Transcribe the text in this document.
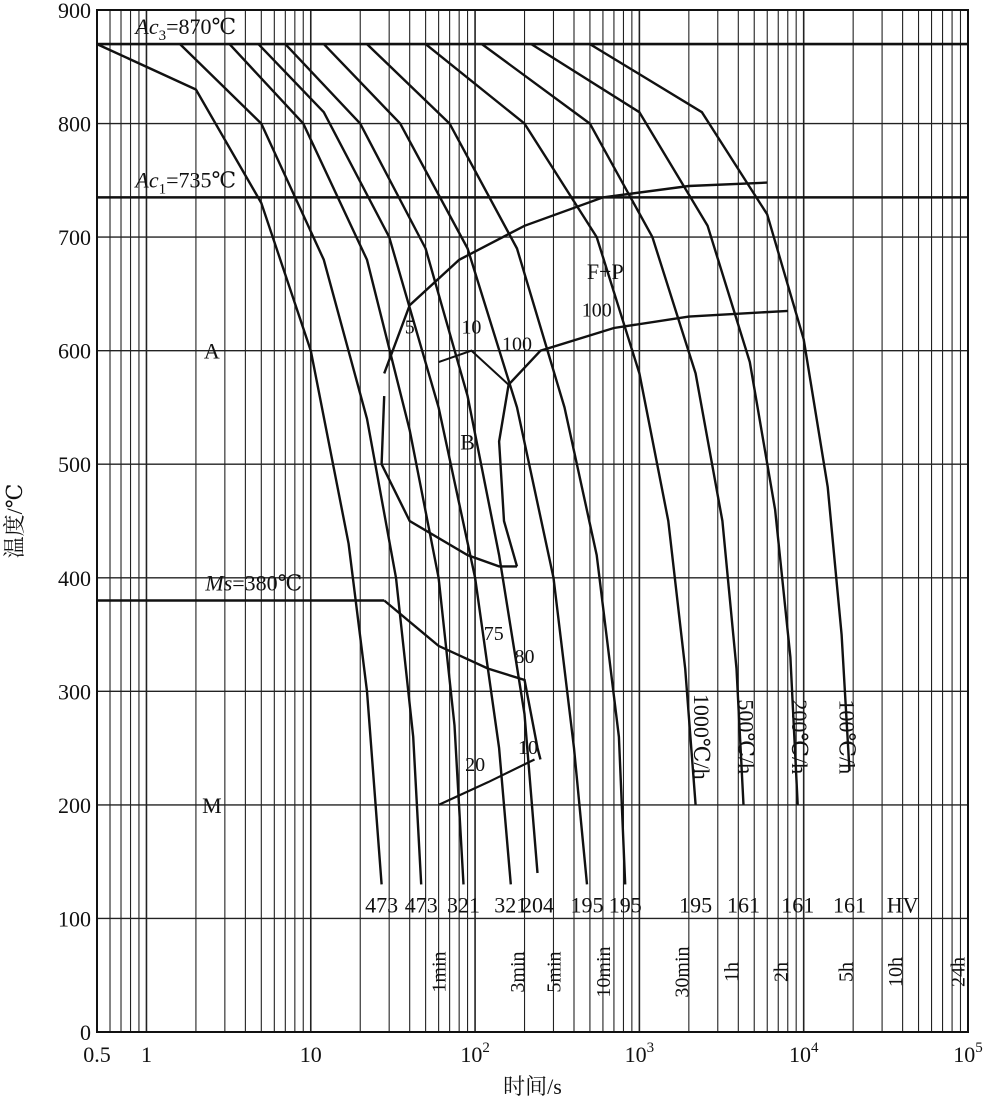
$Ac_3=870℃$
$Ac_1=735℃$
Ms=380℃
1min	3min 5min 10min	30min 1h 2h 5h 10h 24h
473 473 321 321
204 195 195 195 161 161 161 HV
1000℃/h 500℃/h 200℃/h 100℃/h
A
F+P
B
M
5 10
100
100
75
80
20
10
0
100
200
300
400
500
600
700
800
900
0.5 1	10	$10^2$	$10^3$	$10^4$	$10^5$
时间/s
温度/℃
